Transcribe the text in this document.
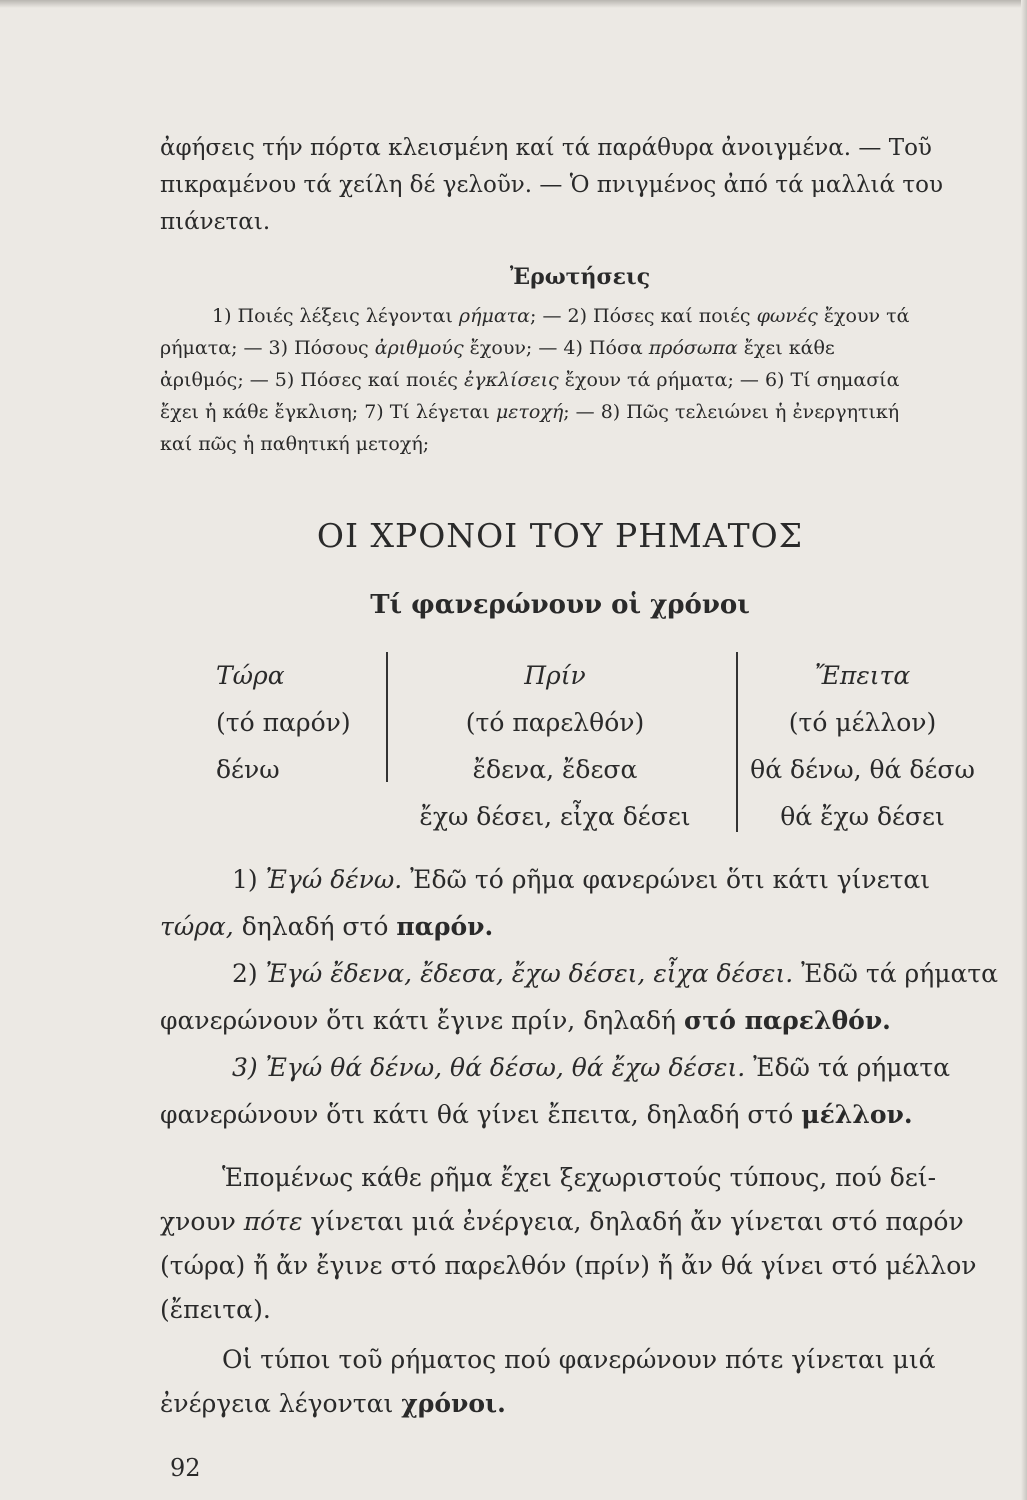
ἀφήσεις τήν πόρτα κλεισμένη καί τά παράθυρα ἀνοιγμένα. — Τοῦ

πικραμένου τά χείλη δέ γελοῦν. — Ὁ πνιγμένος ἀπό τά μαλλιά του

πιάνεται.

Ἐρωτήσεις

1) Ποιές λέξεις λέγονται ρήματα; — 2) Πόσες καί ποιές φωνές ἔχουν τά

ρήματα; — 3) Πόσους ἀριθμούς ἔχουν; — 4) Πόσα πρόσωπα ἔχει κάθε

ἀριθμός; — 5) Πόσες καί ποιές ἐγκλίσεις ἔχουν τά ρήματα; — 6) Τί σημασία

ἔχει ἡ κάθε ἔγκλιση; 7) Τί λέγεται μετοχή; — 8) Πῶς τελειώνει ἡ ἐνεργητική

καί πῶς ἡ παθητική μετοχή;

ΟΙ ΧΡΟΝΟΙ ΤΟΥ ΡΗΜΑΤΟΣ
Τί φανερώνουν οἱ χρόνοι
Τώρα
(τό παρόν)
δένω
Πρίν
(τό παρελθόν)
ἔδενα, ἔδεσα
ἔχω δέσει, εἶχα δέσει
Ἔπειτα
(τό μέλλον)
θά δένω, θά δέσω
θά ἔχω δέσει

1) Ἐγώ δένω. Ἐδῶ τό ρῆμα φανερώνει ὅτι κάτι γίνεται

τώρα, δηλαδή στό παρόν.

2) Ἐγώ ἔδενα, ἔδεσα, ἔχω δέσει, εἶχα δέσει. Ἐδῶ τά ρήματα

φανερώνουν ὅτι κάτι ἔγινε πρίν, δηλαδή στό παρελθόν.

3) Ἐγώ θά δένω, θά δέσω, θά ἔχω δέσει. Ἐδῶ τά ρήματα

φανερώνουν ὅτι κάτι θά γίνει ἔπειτα, δηλαδή στό μέλλον.

Ἑπομένως κάθε ρῆμα ἔχει ξεχωριστούς τύπους, πού δεί-χνουν πότε γίνεται μιά ἐνέργεια, δηλαδή ἄν γίνεται στό παρόν (τώρα) ἤ ἄν ἔγινε στό παρελθόν (πρίν) ἤ ἄν θά γίνει στό μέλλον (ἔπειτα).

Οἱ τύποι τοῦ ρήματος πού φανερώνουν πότε γίνεται μιά ἐνέργεια λέγονται χρόνοι.

92
